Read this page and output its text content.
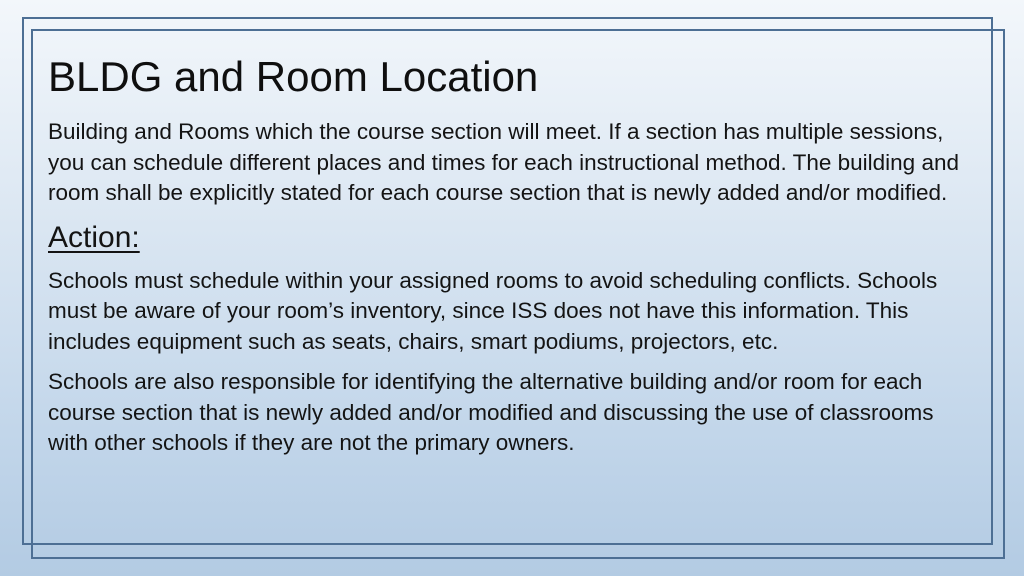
BLDG and Room Location

Building and Rooms which the course section will meet. If a section has multiple sessions, you can schedule different places and times for each instructional method. The building and room shall be explicitly stated for each course section that is newly added and/or modified.

Action:

Schools must schedule within your assigned rooms to avoid scheduling conflicts. Schools must be aware of your room’s inventory, since ISS does not have this information. This includes equipment such as seats, chairs, smart podiums, projectors, etc.

Schools are also responsible for identifying the alternative building and/or room for each course section that is newly added and/or modified and discussing the use of classrooms with other schools if they are not the primary owners.
